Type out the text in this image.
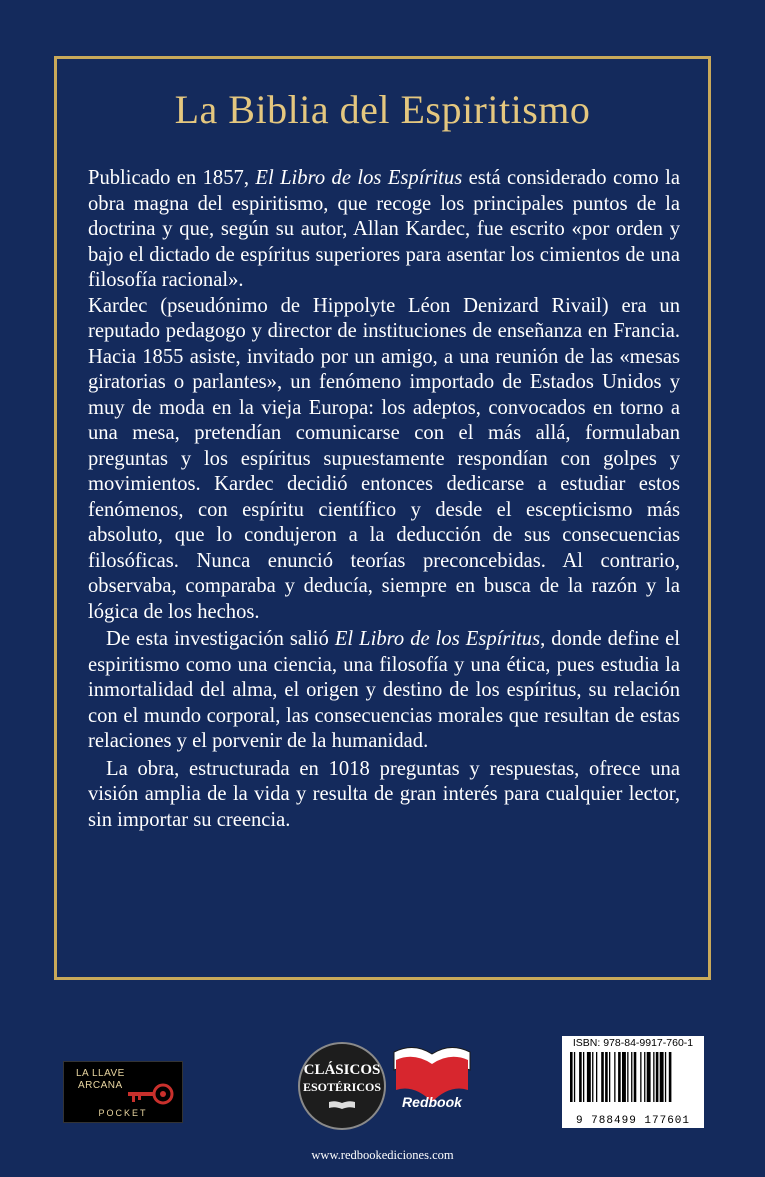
La Biblia del Espiritismo

Publicado en 1857, El Libro de los Espíritus está considerado como la obra magna del espiritismo, que recoge los principales puntos de la doctrina y que, según su autor, Allan Kardec, fue escrito «por orden y bajo el dictado de espíritus superiores para asentar los cimientos de una filosofía racional».

Kardec (pseudónimo de Hippolyte Léon Denizard Rivail) era un reputado pedagogo y director de instituciones de enseñanza en Francia. Hacia 1855 asiste, invitado por un amigo, a una reunión de las «mesas giratorias o parlantes», un fenómeno importado de Estados Unidos y muy de moda en la vieja Europa: los adeptos, convocados en torno a una mesa, pretendían comunicarse con el más allá, formulaban preguntas y los espíritus supuestamente respondían con golpes y movimientos. Kardec decidió entonces dedicarse a estudiar estos fenómenos, con espíritu científico y desde el escepticismo más absoluto, que lo condujeron a la deducción de sus consecuencias filosóficas. Nunca enunció teorías preconcebidas. Al contrario, observaba, comparaba y deducía, siempre en busca de la razón y la lógica de los hechos.

De esta investigación salió El Libro de los Espíritus, donde define el espiritismo como una ciencia, una filosofía y una ética, pues estudia la inmortalidad del alma, el origen y destino de los espíritus, su relación con el mundo corporal, las consecuencias morales que resultan de estas relaciones y el porvenir de la humanidad.

La obra, estructurada en 1018 preguntas y respuestas, ofrece una visión amplia de la vida y resulta de gran interés para cualquier lector, sin importar su creencia.

LA LLAVE
ARCANA
POCKET
CLÁSICOS
ESOTÉRICOS
Redbook
www.redbookediciones.com
ISBN: 978-84-9917-760-1
9 788499 177601
